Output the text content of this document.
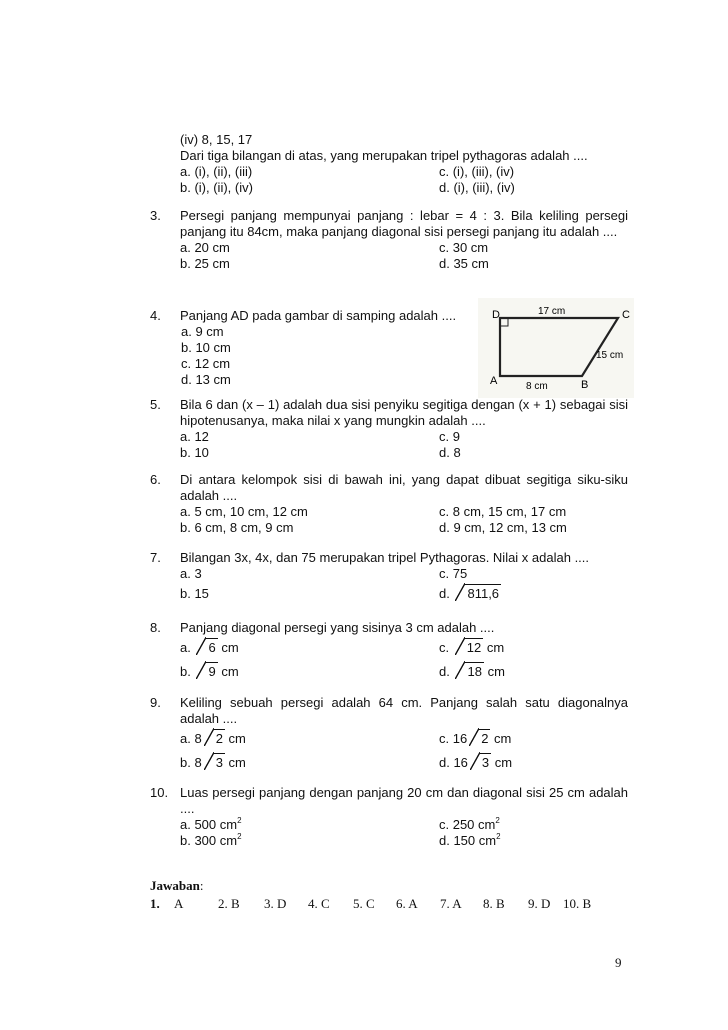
(iv) 8, 15, 17
Dari tiga bilangan di atas, yang merupakan tripel pythagoras adalah ....
a. (i), (ii), (iii)	c. (i), (iii), (iv)
b. (i), (ii), (iv)	d. (i), (iii), (iv)
3.	Persegi panjang mempunyai panjang : lebar = 4 : 3. Bila keliling persegi panjang itu 84cm, maka panjang diagonal sisi persegi panjang itu adalah ....
a. 20 cm	c. 30 cm
b. 25 cm	d. 35 cm
4.	Panjang AD pada gambar di samping adalah ....
a. 9 cm
b. 10 cm
c. 12 cm
d. 13 cm
D	C
A	B
17 cm
15 cm
8 cm
5.	Bila 6 dan (x – 1) adalah dua sisi penyiku segitiga dengan (x + 1) sebagai sisi hipotenusanya, maka nilai x yang mungkin adalah ....
a. 12	c. 9
b. 10	d. 8
6.	Di antara kelompok sisi di bawah ini, yang dapat dibuat segitiga siku-siku adalah ....
a. 5 cm, 10 cm, 12 cm	c. 8 cm, 15 cm, 17 cm
b. 6 cm, 8 cm, 9 cm	d. 9 cm, 12 cm, 13 cm
7.	Bilangan 3x, 4x, dan 75 merupakan tripel Pythagoras. Nilai x adalah ....
a. 3	c. 75
b. 15	d. 811,6
8.	Panjang diagonal persegi yang sisinya 3 cm adalah ....
a. 6 cm	c. 12 cm
b. 9 cm	d. 18 cm
9.	Keliling sebuah persegi adalah 64 cm. Panjang salah satu diagonalnya adalah ....
a. 8 2 cm	c. 16 2 cm
b. 8 3 cm	d. 16 3 cm
10. Luas persegi panjang dengan panjang 20 cm dan diagonal sisi 25 cm adalah ....
a. 500 $cm^2$	c. 250 $cm^2$
b. 300 $cm^2$	d. 150 $cm^2$
Jawaban:
1. A	2. B 3. D 4. C 5. C 6. A 7. A 8. B 9. D 10. B
9
